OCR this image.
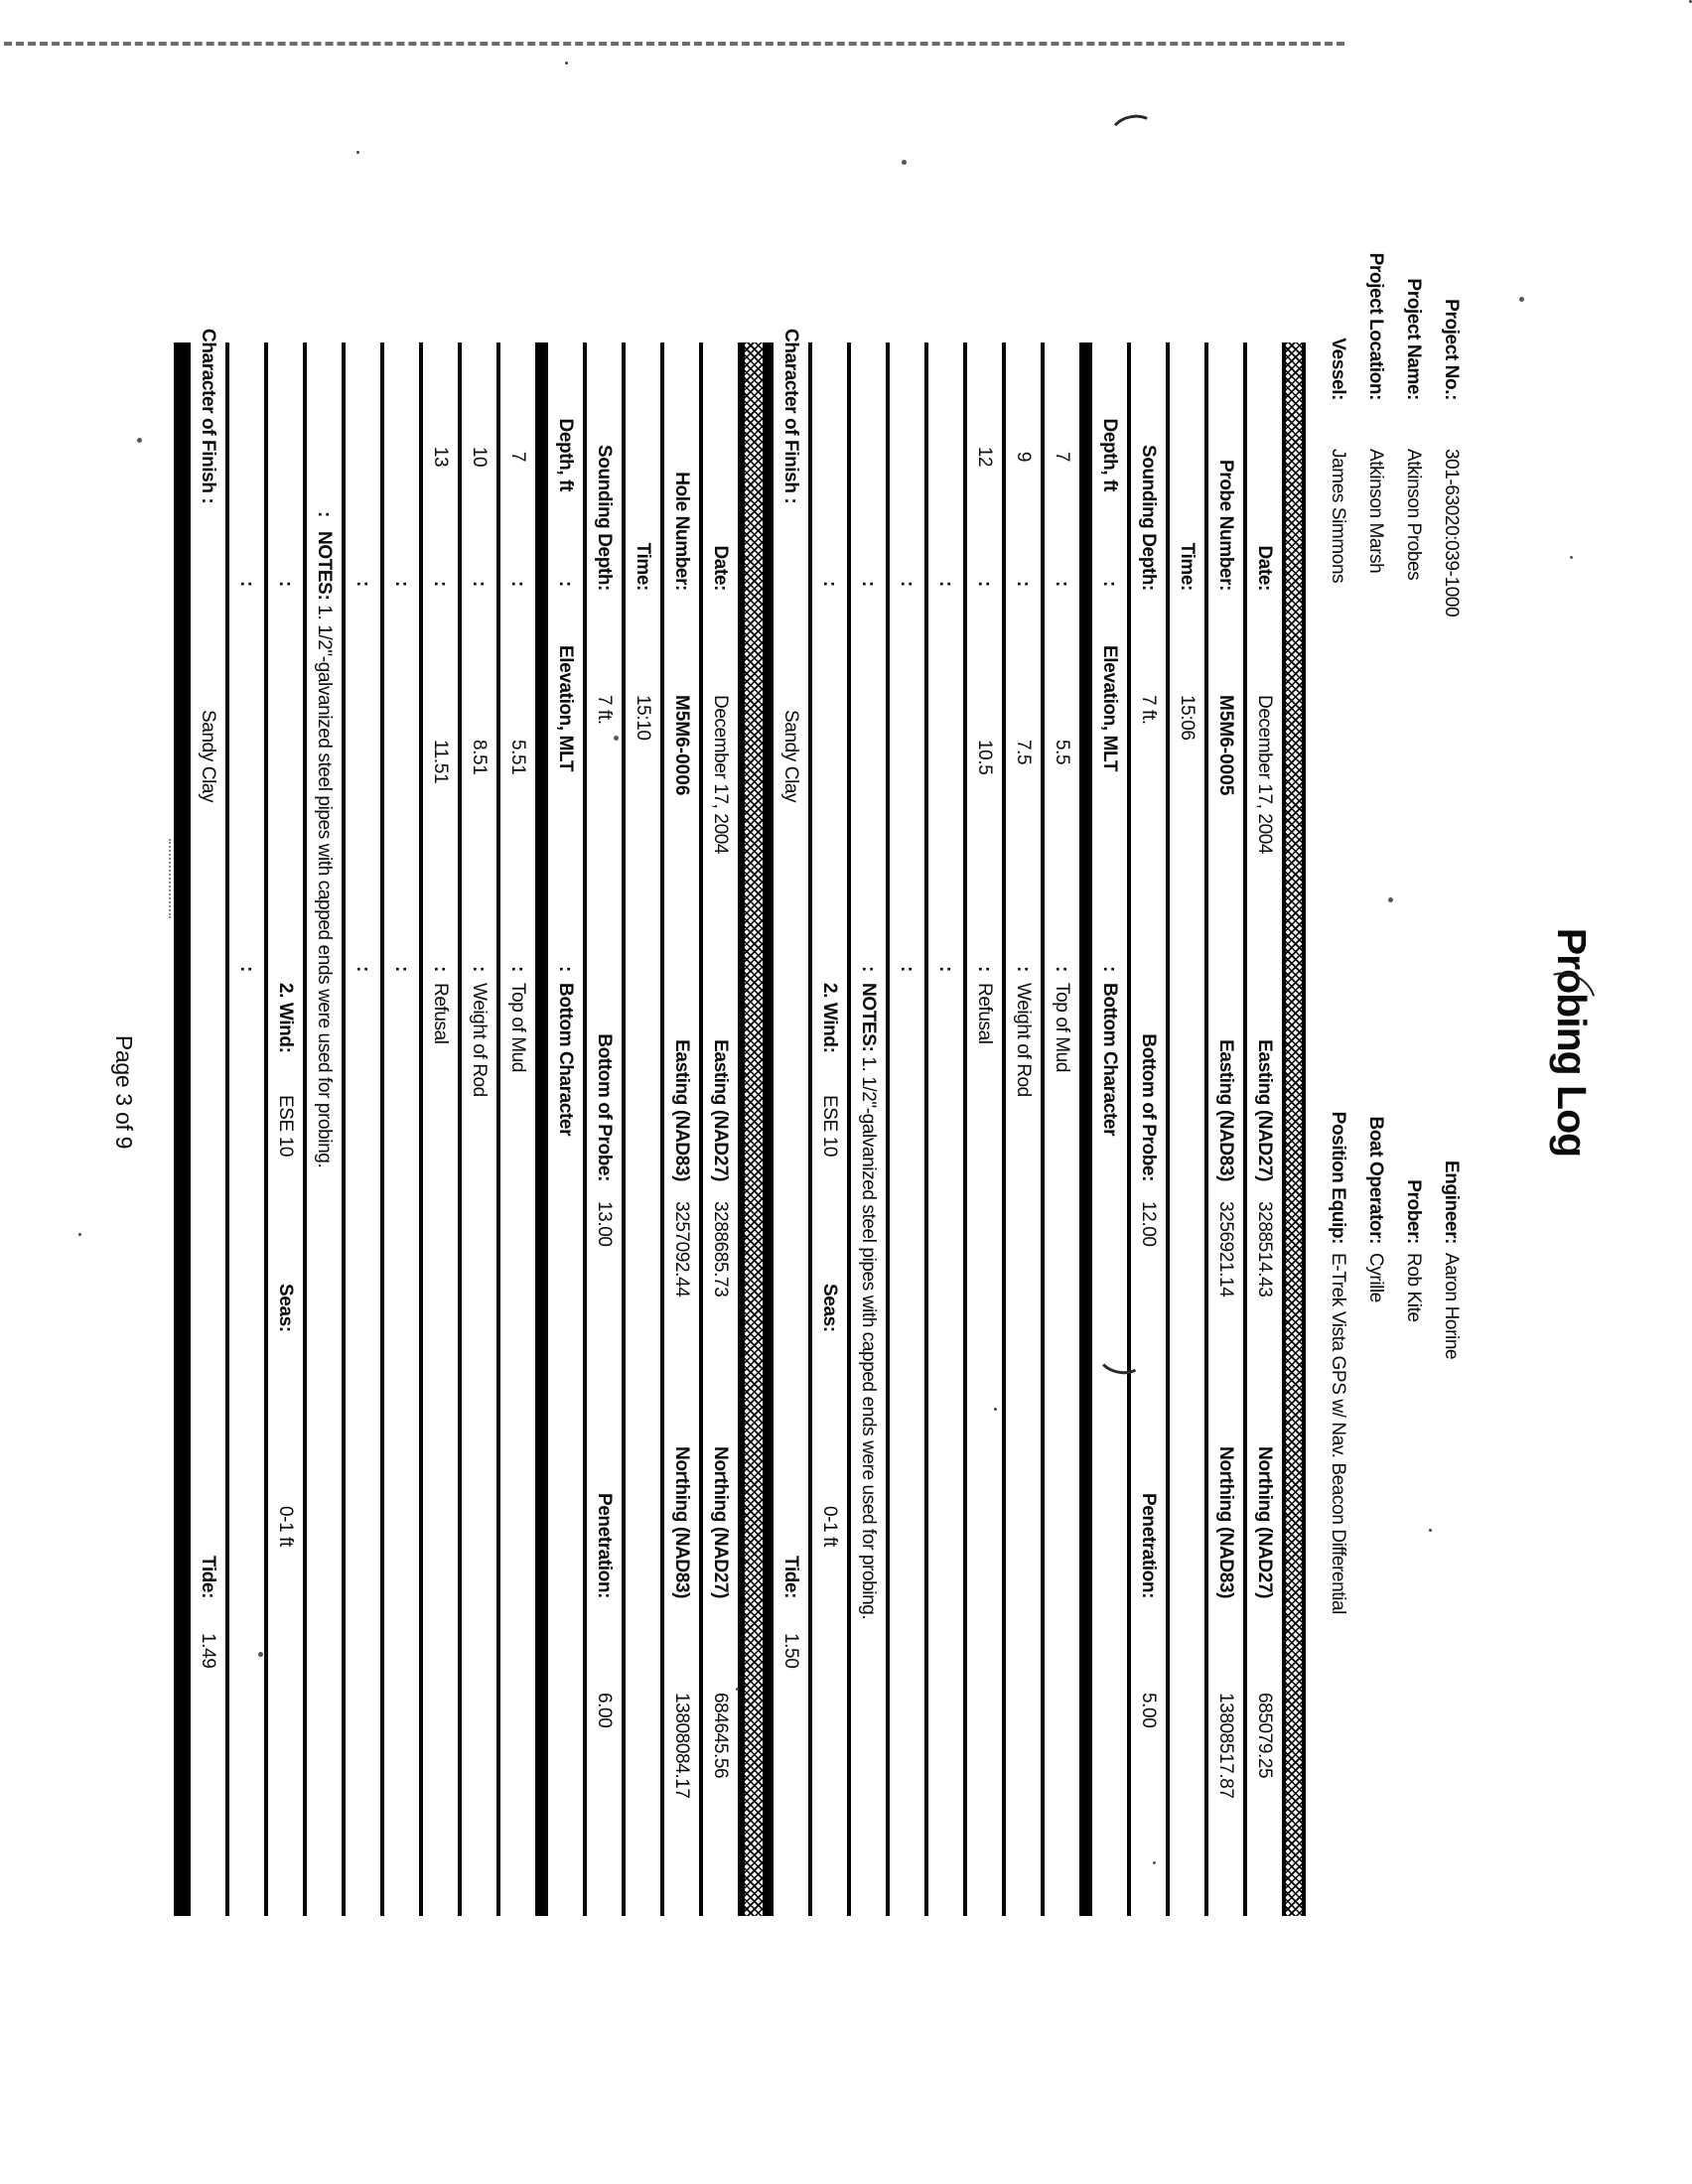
Probing Log
Project No.:
301-63020:039-1000
Project Name:
Atkinson Probes
Project Location:
Atkinson Marsh
Vessel:
James Simmons
Engineer:
Aaron Horine
Prober:
Rob Kite
Boat Operator:
Cyrille
Position Equip:
E-Trek Vista GPS w/ Nav. Beacon Differential
Date:
December 17, 2004
Easting (NAD27)
3288514.43
Northing (NAD27)
685079.25
Probe Number:
M5M6-0005
Easting (NAD83)
3256921.14
Northing (NAD83)
13808517.87
Time:
15:06
Sounding Depth:
7 ft.
Bottom of Probe:
12.00
Penetration:
5.00
Depth, ft
:
Elevation, MLT
:
Bottom Character
7
:
5.5
:
Top of Mud
9
:
7.5
:
Weight of Rod
12
:
10.5
:
Refusal
:
:
:
:
:
:
NOTES: 1. 1/2"-galvanized steel pipes with capped ends were used for probing.
:
2. Wind:
ESE 10
Seas:
0-1 ft
Character of Finish :
Sandy Clay
Tide:
1.50
Date:
December 17, 2004
Easting (NAD27)
3288685.73
Northing (NAD27)
684645.56
Hole Number:
M5M6-0006
Easting (NAD83)
3257092.44
Northing (NAD83)
13808084.17
Time:
15:10
Sounding Depth:
7 ft.
Bottom of Probe:
13.00
Penetration:
6.00
Depth, ft
:
Elevation, MLT
:
Bottom Character
7
:
5.51
:
Top of Mud
10
:
8.51
:
Weight of Rod
13
:
11.51
:
Refusal
:
:
:
:
:
NOTES: 1. 1/2"-galvanized steel pipes with capped ends were used for probing.
:
2. Wind:
ESE 10
Seas:
0-1 ft
:
:
Character of Finish :
Sandy Clay
Tide:
1.49
Page 3 of 9
